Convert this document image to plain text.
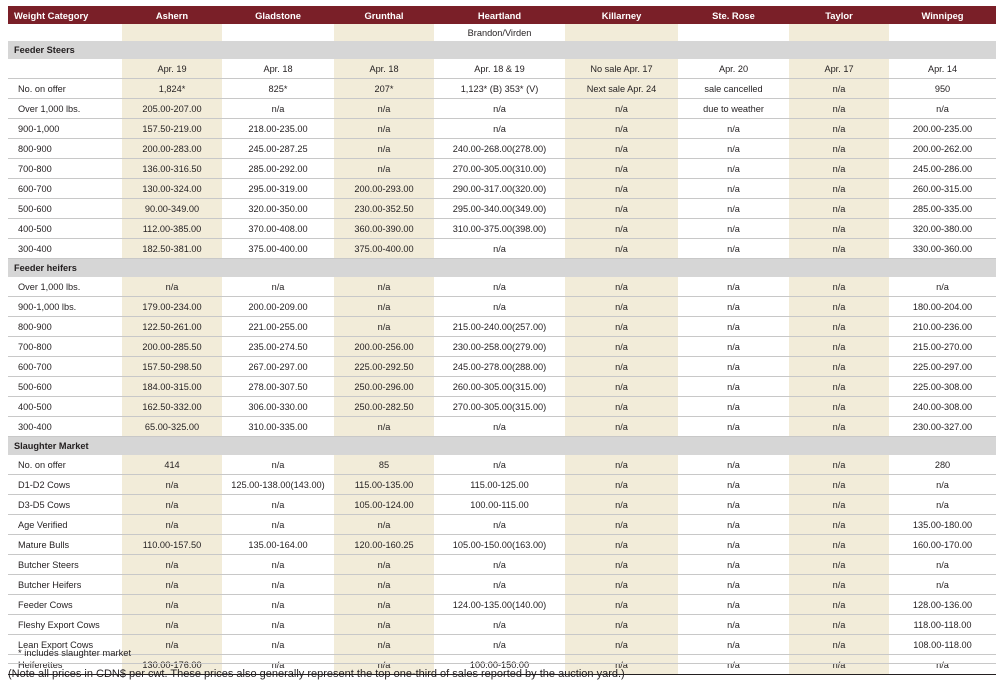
Weight Category	Ashern	Gladstone	Grunthal	Heartland	Killarney	Ste. Rose	Taylor	Winnipeg
				Brandon/Virden				
Feeder Steers								
	Apr. 19	Apr. 18	Apr. 18	Apr. 18 & 19	No sale Apr. 17	Apr. 20	Apr. 17	Apr. 14
No. on offer	1,824*	825*	207*	1,123* (B) 353* (V)	Next sale Apr. 24	sale cancelled	n/a	950
Over 1,000 lbs.	205.00-207.00	n/a	n/a	n/a	n/a	due to weather	n/a	n/a
900-1,000	157.50-219.00	218.00-235.00	n/a	n/a	n/a	n/a	n/a	200.00-235.00
800-900	200.00-283.00	245.00-287.25	n/a	240.00-268.00(278.00)	n/a	n/a	n/a	200.00-262.00
700-800	136.00-316.50	285.00-292.00	n/a	270.00-305.00(310.00)	n/a	n/a	n/a	245.00-286.00
600-700	130.00-324.00	295.00-319.00	200.00-293.00	290.00-317.00(320.00)	n/a	n/a	n/a	260.00-315.00
500-600	90.00-349.00	320.00-350.00	230.00-352.50	295.00-340.00(349.00)	n/a	n/a	n/a	285.00-335.00
400-500	112.00-385.00	370.00-408.00	360.00-390.00	310.00-375.00(398.00)	n/a	n/a	n/a	320.00-380.00
300-400	182.50-381.00	375.00-400.00	375.00-400.00	n/a	n/a	n/a	n/a	330.00-360.00
Feeder heifers								
Over 1,000 lbs.	n/a	n/a	n/a	n/a	n/a	n/a	n/a	n/a
900-1,000 lbs.	179.00-234.00	200.00-209.00	n/a	n/a	n/a	n/a	n/a	180.00-204.00
800-900	122.50-261.00	221.00-255.00	n/a	215.00-240.00(257.00)	n/a	n/a	n/a	210.00-236.00
700-800	200.00-285.50	235.00-274.50	200.00-256.00	230.00-258.00(279.00)	n/a	n/a	n/a	215.00-270.00
600-700	157.50-298.50	267.00-297.00	225.00-292.50	245.00-278.00(288.00)	n/a	n/a	n/a	225.00-297.00
500-600	184.00-315.00	278.00-307.50	250.00-296.00	260.00-305.00(315.00)	n/a	n/a	n/a	225.00-308.00
400-500	162.50-332.00	306.00-330.00	250.00-282.50	270.00-305.00(315.00)	n/a	n/a	n/a	240.00-308.00
300-400	65.00-325.00	310.00-335.00	n/a	n/a	n/a	n/a	n/a	230.00-327.00
Slaughter Market								
No. on offer	414	n/a	85	n/a	n/a	n/a	n/a	280
D1-D2 Cows	n/a	125.00-138.00(143.00)	115.00-135.00	115.00-125.00	n/a	n/a	n/a	n/a
D3-D5 Cows	n/a	n/a	105.00-124.00	100.00-115.00	n/a	n/a	n/a	n/a
Age Verified	n/a	n/a	n/a	n/a	n/a	n/a	n/a	135.00-180.00
Mature Bulls	110.00-157.50	135.00-164.00	120.00-160.25	105.00-150.00(163.00)	n/a	n/a	n/a	160.00-170.00
Butcher Steers	n/a	n/a	n/a	n/a	n/a	n/a	n/a	n/a
Butcher Heifers	n/a	n/a	n/a	n/a	n/a	n/a	n/a	n/a
Feeder Cows	n/a	n/a	n/a	124.00-135.00(140.00)	n/a	n/a	n/a	128.00-136.00
Fleshy Export Cows	n/a	n/a	n/a	n/a	n/a	n/a	n/a	118.00-118.00
Lean Export Cows	n/a	n/a	n/a	n/a	n/a	n/a	n/a	108.00-118.00
Heiferettes	130.00-176.00	n/a	n/a	100.00-150.00	n/a	n/a	n/a	n/a
* includes slaughter market
(Note all prices in CDN$ per cwt. These prices also generally represent the top one-third of sales reported by the auction yard.)
